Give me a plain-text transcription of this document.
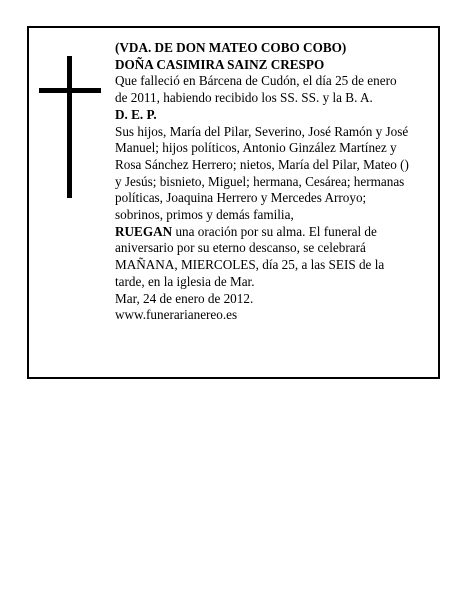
(VDA. DE DON MATEO COBO COBO)
DOÑA CASIMIRA SAINZ CRESPO
Que falleció en Bárcena de Cudón, el día 25 de enero
de 2011, habiendo recibido los SS. SS. y la B. A.
D. E. P.
Sus hijos, María del Pilar, Severino, José Ramón y José
Manuel; hijos políticos, Antonio Ginzález Martínez y
Rosa Sánchez Herrero; nietos, María del Pilar, Mateo ()
y Jesús; bisnieto, Miguel; hermana, Cesárea; hermanas
políticas, Joaquina Herrero y Mercedes Arroyo;
sobrinos, primos y demás familia,
RUEGAN una oración por su alma. El funeral de
aniversario por su eterno descanso, se celebrará
MAÑANA, MIERCOLES, día 25, a las SEIS de la
tarde, en la iglesia de Mar.
Mar, 24 de enero de 2012.
www.funerarianereo.es
